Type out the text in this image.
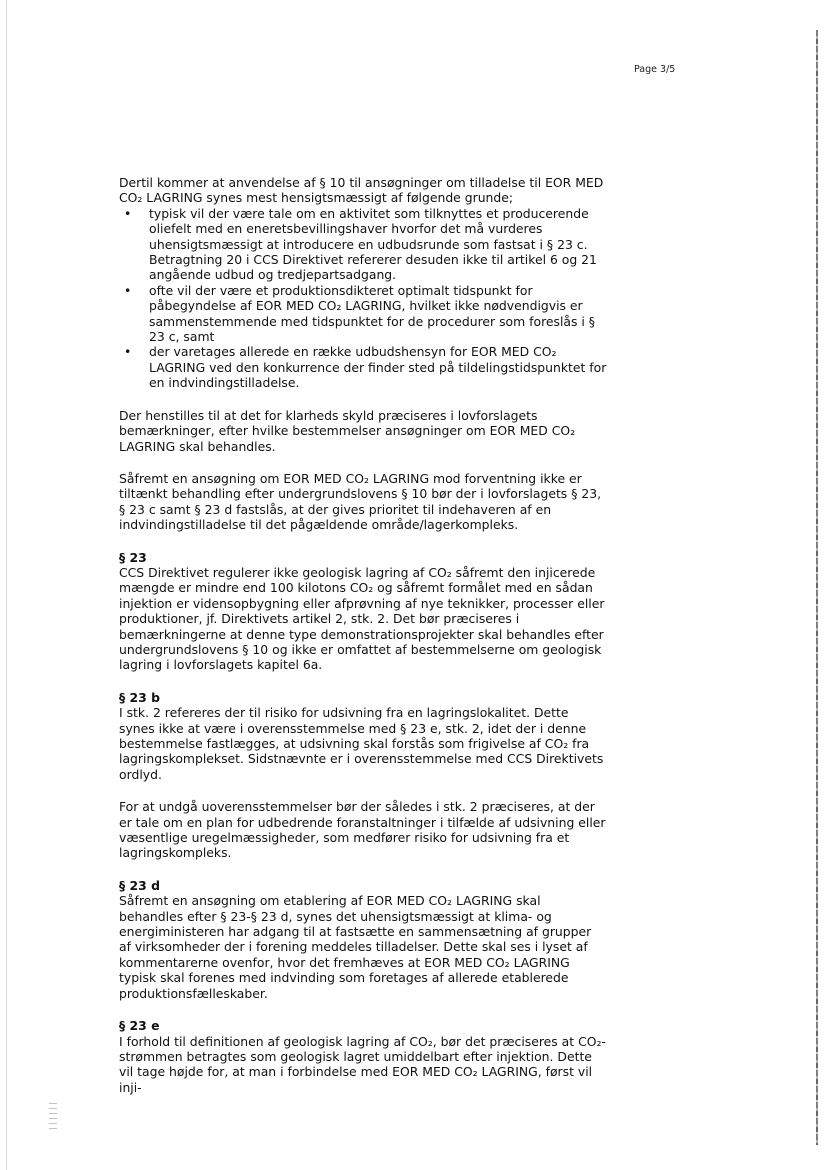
Page 3/5

Dertil kommer at anvendelse af § 10 til ansøgninger om tilladelse til EOR MED CO₂ LAGRING synes mest hensigtsmæssigt af følgende grunde;

• typisk vil der være tale om en aktivitet som tilknyttes et producerende oliefelt med en eneretsbevillingshaver hvorfor det må vurderes uhensigtsmæssigt at introducere en udbudsrunde som fastsat i § 23 c. Betragtning 20 i CCS Direktivet refererer desuden ikke til artikel 6 og 21 angående udbud og tredjepartsadgang.
• ofte vil der være et produktionsdikteret optimalt tidspunkt for påbegyndelse af EOR MED CO₂ LAGRING, hvilket ikke nødvendigvis er sammenstemmende med tidspunktet for de procedurer som foreslås i § 23 c, samt
• der varetages allerede en række udbudshensyn for EOR MED CO₂ LAGRING ved den konkurrence der finder sted på tildelingstidspunktet for en indvindingstilladelse.

Der henstilles til at det for klarheds skyld præciseres i lovforslagets bemærkninger, efter hvilke bestemmelser ansøgninger om EOR MED CO₂ LAGRING skal behandles.

Såfremt en ansøgning om EOR MED CO₂ LAGRING mod forventning ikke er tiltænkt behandling efter undergrundslovens § 10 bør der i lovforslagets § 23, § 23 c samt § 23 d fastslås, at der gives prioritet til indehaveren af en indvindingstilladelse til det pågældende område/lagerkompleks.

§ 23
CCS Direktivet regulerer ikke geologisk lagring af CO₂ såfremt den injicerede mængde er mindre end 100 kilotons CO₂ og såfremt formålet med en sådan injektion er vidensopbygning eller afprøvning af nye teknikker, processer eller produktioner, jf. Direktivets artikel 2, stk. 2. Det bør præciseres i bemærkningerne at denne type demonstrationsprojekter skal behandles efter undergrundslovens § 10 og ikke er omfattet af bestemmelserne om geologisk lagring i lovforslagets kapitel 6a.

§ 23 b
I stk. 2 refereres der til risiko for udsivning fra en lagringslokalitet. Dette synes ikke at være i overensstemmelse med § 23 e, stk. 2, idet der i denne bestemmelse fastlægges, at udsivning skal forstås som frigivelse af CO₂ fra lagringskomplekset. Sidstnævnte er i overensstemmelse med CCS Direktivets ordlyd.

For at undgå uoverensstemmelser bør der således i stk. 2 præciseres, at der er tale om en plan for udbedrende foranstaltninger i tilfælde af udsivning eller væsentlige uregelmæssigheder, som medfører risiko for udsivning fra et lagringskompleks.

§ 23 d
Såfremt en ansøgning om etablering af EOR MED CO₂ LAGRING skal behandles efter § 23-§ 23 d, synes det uhensigtsmæssigt at klima- og energiministeren har adgang til at fastsætte en sammensætning af grupper af virksomheder der i forening meddeles tilladelser. Dette skal ses i lyset af kommentarerne ovenfor, hvor det fremhæves at EOR MED CO₂ LAGRING typisk skal forenes med indvinding som foretages af allerede etablerede produktionsfælleskaber.

§ 23 e
I forhold til definitionen af geologisk lagring af CO₂, bør det præciseres at CO₂-strømmen betragtes som geologisk lagret umiddelbart efter injektion. Dette vil tage højde for, at man i forbindelse med EOR MED CO₂ LAGRING, først vil inji-
